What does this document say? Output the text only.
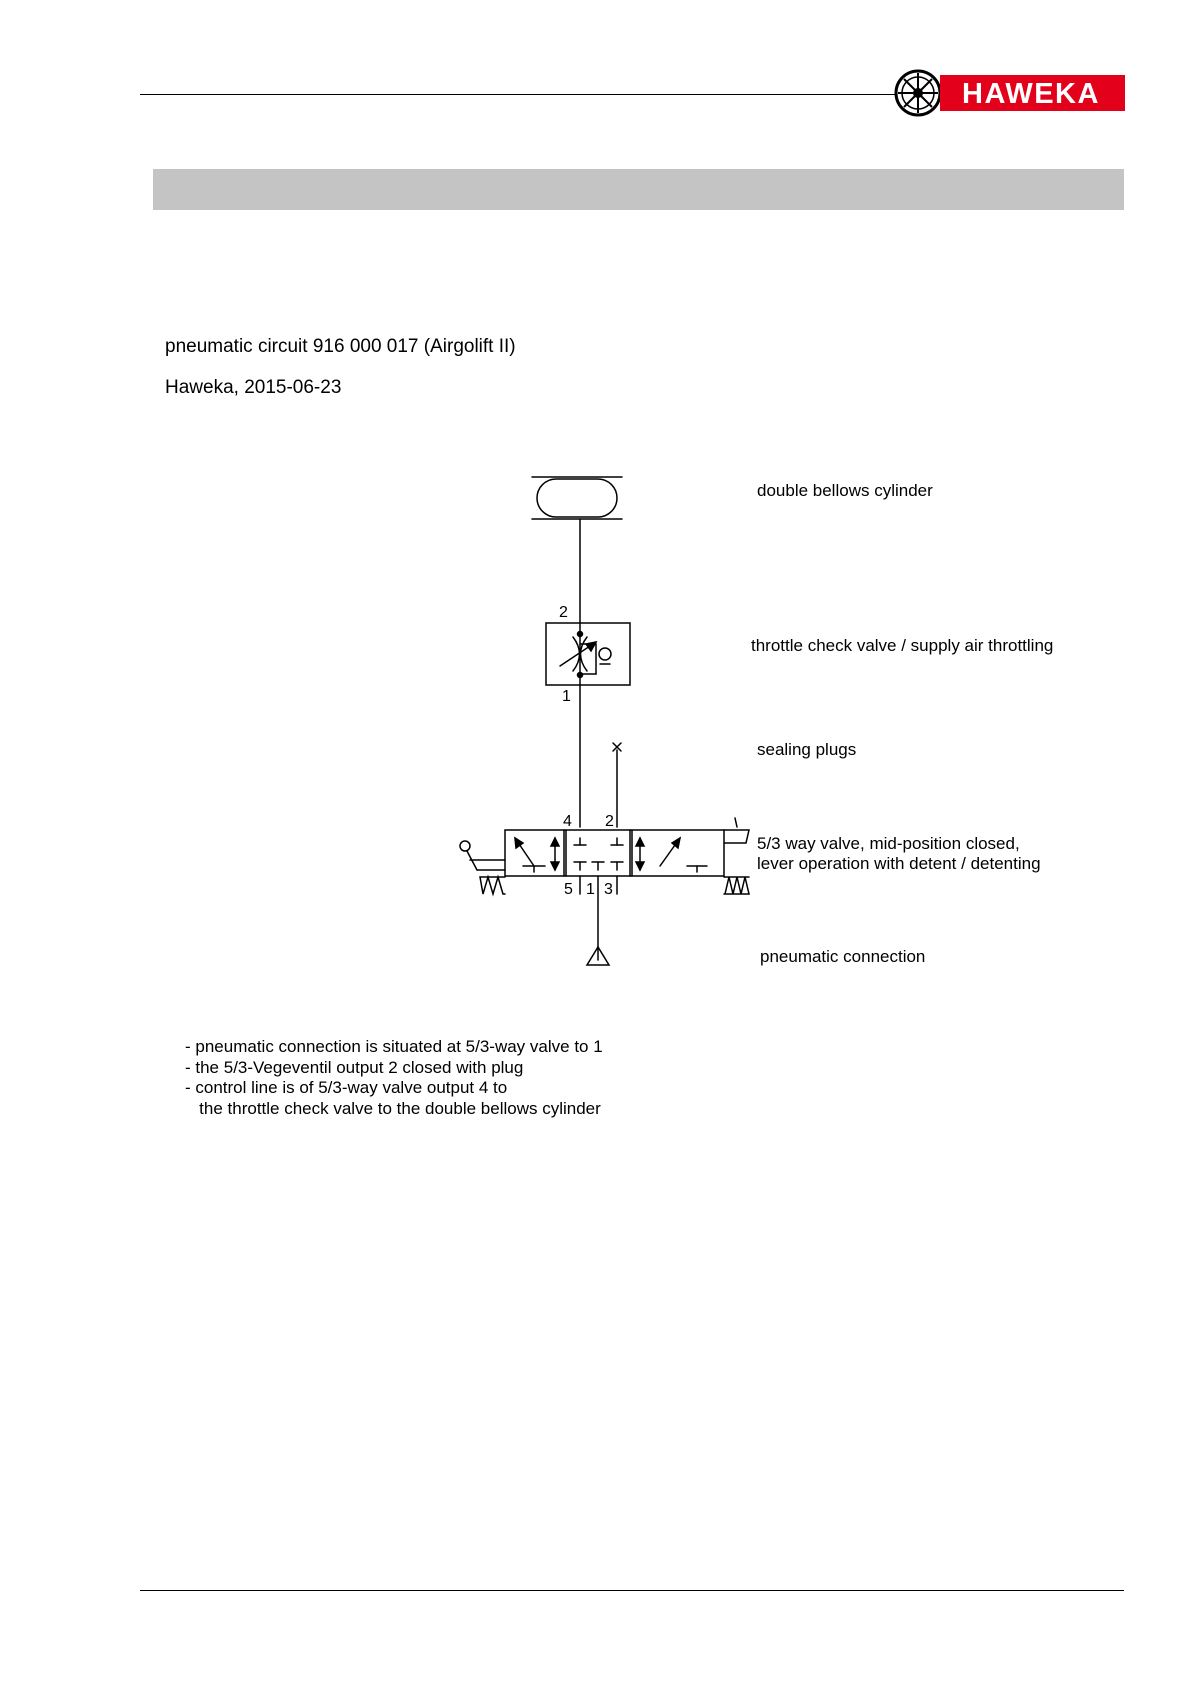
HAWEKA
pneumatic circuit 916 000 017 (Airgolift II)
Haweka, 2015-06-23
2
1
4 2
5 1 3
double bellows cylinder
throttle check valve / supply air throttling
sealing plugs
5/3 way valve, mid-position closed,
lever operation with detent / detenting
pneumatic connection
- pneumatic connection is situated at 5/3-way valve to 1
- the 5/3-Vegeventil output 2 closed with plug
- control line is of 5/3-way valve output 4 to
the throttle check valve to the double bellows cylinder
